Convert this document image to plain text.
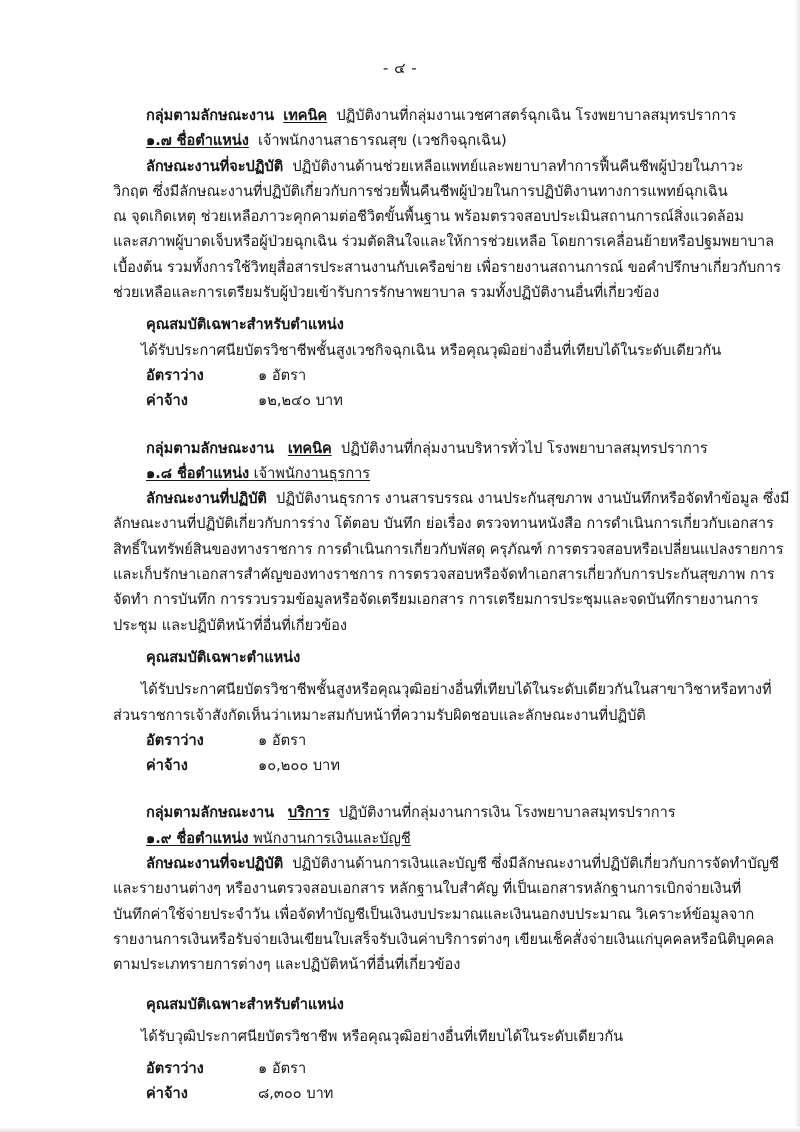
- ๔ -
กลุ่มตามลักษณะงาน เทคนิค ปฏิบัติงานที่กลุ่มงานเวชศาสตร์ฉุกเฉิน โรงพยาบาลสมุทรปราการ
๑.๗ ชื่อตำแหน่ง เจ้าพนักงานสาธารณสุข (เวชกิจฉุกเฉิน)
ลักษณะงานที่จะปฏิบัติ ปฏิบัติงานด้านช่วยเหลือแพทย์และพยาบาลทำการฟื้นคืนชีพผู้ป่วยในภาวะ
วิกฤต ซึ่งมีลักษณะงานที่ปฏิบัติเกี่ยวกับการช่วยฟื้นคืนชีพผู้ป่วยในการปฏิบัติงานทางการแพทย์ฉุกเฉิน
ณ จุดเกิดเหตุ ช่วยเหลือภาวะคุกคามต่อชีวิตขั้นพื้นฐาน พร้อมตรวจสอบประเมินสถานการณ์สิ่งแวดล้อม
และสภาพผู้บาดเจ็บหรือผู้ป่วยฉุกเฉิน ร่วมตัดสินใจและให้การช่วยเหลือ โดยการเคลื่อนย้ายหรือปฐมพยาบาล
เบื้องต้น รวมทั้งการใช้วิทยุสื่อสารประสานงานกับเครือข่าย เพื่อรายงานสถานการณ์ ขอคำปรึกษาเกี่ยวกับการ
ช่วยเหลือและการเตรียมรับผู้ป่วยเข้ารับการรักษาพยาบาล รวมทั้งปฏิบัติงานอื่นที่เกี่ยวข้อง
คุณสมบัติเฉพาะสำหรับตำแหน่ง
ได้รับประกาศนียบัตรวิชาชีพชั้นสูงเวชกิจฉุกเฉิน หรือคุณวุฒิอย่างอื่นที่เทียบได้ในระดับเดียวกัน
อัตราว่าง	๑ อัตรา
ค่าจ้าง	๑๒,๒๔๐ บาท
กลุ่มตามลักษณะงาน เทคนิค ปฏิบัติงานที่กลุ่มงานบริหารทั่วไป โรงพยาบาลสมุทรปราการ
๑.๘ ชื่อตำแหน่ง เจ้าพนักงานธุรการ
ลักษณะงานที่ปฏิบัติ ปฏิบัติงานธุรการ งานสารบรรณ งานประกันสุขภาพ งานบันทึกหรือจัดทำข้อมูล ซึ่งมี
ลักษณะงานที่ปฏิบัติเกี่ยวกับการร่าง โต้ตอบ บันทึก ย่อเรื่อง ตรวจทานหนังสือ การดำเนินการเกี่ยวกับเอกสาร
สิทธิ์ในทรัพย์สินของทางราชการ การดำเนินการเกี่ยวกับพัสดุ ครุภัณฑ์ การตรวจสอบหรือเปลี่ยนแปลงรายการ
และเก็บรักษาเอกสารสำคัญของทางราชการ การตรวจสอบหรือจัดทำเอกสารเกี่ยวกับการประกันสุขภาพ การ
จัดทำ การบันทึก การรวบรวมข้อมูลหรือจัดเตรียมเอกสาร การเตรียมการประชุมและจดบันทึกรายงานการ
ประชุม และปฏิบัติหน้าที่อื่นที่เกี่ยวข้อง
คุณสมบัติเฉพาะตำแหน่ง
ได้รับประกาศนียบัตรวิชาชีพชั้นสูงหรือคุณวุฒิอย่างอื่นที่เทียบได้ในระดับเดียวกันในสาขาวิชาหรือทางที่
ส่วนราชการเจ้าสังกัดเห็นว่าเหมาะสมกับหน้าที่ความรับผิดชอบและลักษณะงานที่ปฏิบัติ
อัตราว่าง	๑ อัตรา
ค่าจ้าง	๑๐,๒๐๐ บาท
กลุ่มตามลักษณะงาน บริการ ปฏิบัติงานที่กลุ่มงานการเงิน โรงพยาบาลสมุทรปราการ
๑.๙ ชื่อตำแหน่ง พนักงานการเงินและบัญชี
ลักษณะงานที่จะปฏิบัติ ปฏิบัติงานด้านการเงินและบัญชี ซึ่งมีลักษณะงานที่ปฏิบัติเกี่ยวกับการจัดทำบัญชี
และรายงานต่างๆ หรืองานตรวจสอบเอกสาร หลักฐานใบสำคัญ ที่เป็นเอกสารหลักฐานการเบิกจ่ายเงินที่
บันทึกค่าใช้จ่ายประจำวัน เพื่อจัดทำบัญชีเป็นเงินงบประมาณและเงินนอกงบประมาณ วิเคราะห์ข้อมูลจาก
รายงานการเงินหรือรับจ่ายเงินเขียนใบเสร็จรับเงินค่าบริการต่างๆ เขียนเช็คสั่งจ่ายเงินแก่บุคคลหรือนิติบุคคล
ตามประเภทรายการต่างๆ และปฏิบัติหน้าที่อื่นที่เกี่ยวข้อง
คุณสมบัติเฉพาะสำหรับตำแหน่ง
ได้รับวุฒิประกาศนียบัตรวิชาชีพ หรือคุณวุฒิอย่างอื่นที่เทียบได้ในระดับเดียวกัน
อัตราว่าง	๑ อัตรา
ค่าจ้าง	๘,๓๐๐ บาท
